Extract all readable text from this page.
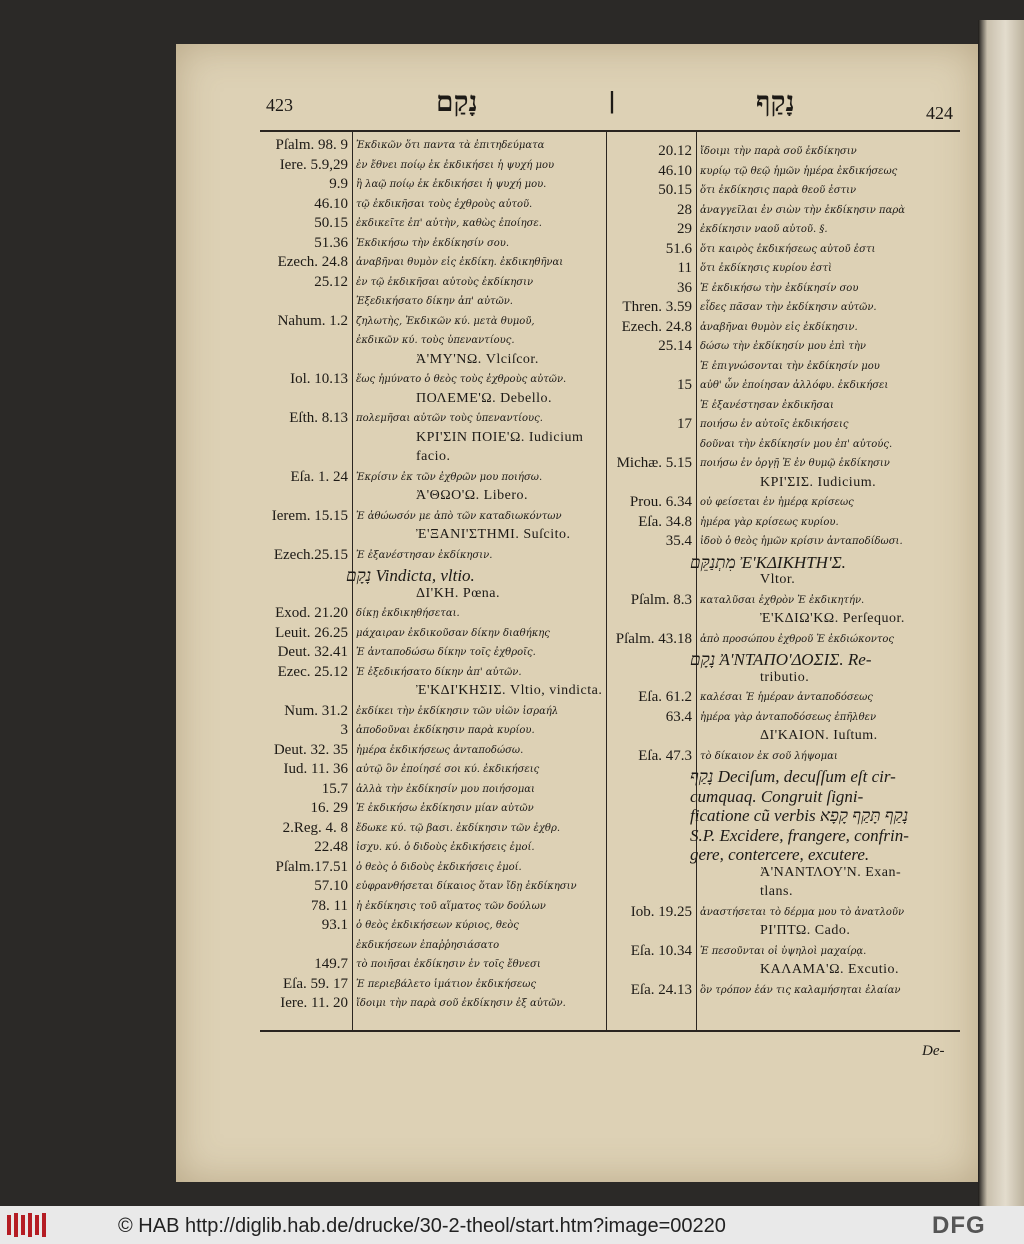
423	נָקַם	|	נָקַף	424
Pſalm. 98. 9 Ἐκδικῶν ὅτι παντα τὰ ἐπιτηδεύματα
Iere. 5.9,29 ἐν ἔθνει ποίῳ ἐκ ἐκδικήσει ἡ ψυχή μου
9.9 ἢ λαῷ ποίῳ ἐκ ἐκδικήσει ἡ ψυχή μου.
46.10 τῷ ἐκδικῆσαι τοὺς ἐχθροὺς αὐτοῦ.
50.15 ἐκδικεῖτε ἐπ' αὐτὴν, καθὼς ἐποίησε.
51.36 Ἐκδικήσω τὴν ἐκδίκησίν σου.
Ezech. 24.8 ἀναβῆναι θυμὸν εἰς ἐκδίκη. ἐκδικηθῆναι
25.12 ἐν τῷ ἐκδικῆσαι αὐτοὺς ἐκδίκησιν
Ἐξεδικήσατο δίκην ἀπ' αὐτῶν.
Nahum. 1.2 ζηλωτὴς, Ἐκδικῶν κύ. μετὰ θυμοῦ,
ἐκδικῶν κύ. τοὺς ὑπεναντίους.
Ἀ'ΜΥ'ΝΩ. Vlciſcor.
Iol. 10.13 ἕως ἠμύνατο ὁ θεὸς τοὺς ἐχθροὺς αὐτῶν.
ΠΟΛΕΜΕ'Ω. Debello.
Eſth. 8.13 πολεμῆσαι αὐτῶν τοὺς ὑπεναντίους.
ΚΡΙ'ΣΙΝ ΠΟΙΕ'Ω. Iudicium
facio.
Eſa. 1. 24 Ἐκρίσιν ἐκ τῶν ἐχθρῶν μου ποιήσω.
Ἀ'ΘΩΟ'Ω. Libero.
Ierem. 15.15 Ἐ ἀθώωσόν με ἀπὸ τῶν καταδιωκόντων
Ἐ'ΞΑΝΙ'ΣΤΗΜΙ. Suſcito.
Ezech.25.15 Ἐ ἐξανέστησαν ἐκδίκησιν.
נָקָם Vindicta, vltio.
ΔΙ'ΚΗ. Pœna.
Exod. 21.20 δίκῃ ἐκδικηθήσεται.
Leuit. 26.25 μάχαιραν ἐκδικοῦσαν δίκην διαθήκης
Deut. 32.41 Ἐ ἀνταποδώσω δίκην τοῖς ἐχθροῖς.
Ezec. 25.12 Ἐ ἐξεδικήσατο δίκην ἀπ' αὐτῶν.
Ἐ'ΚΔΙ'ΚΗΣΙΣ. Vltio, vindicta.
Num. 31.2 ἐκδίκει τὴν ἐκδίκησιν τῶν υἱῶν ἰσραήλ
3 ἀποδοῦναι ἐκδίκησιν παρὰ κυρίου.
Deut. 32. 35 ἡμέρα ἐκδικήσεως ἀνταποδώσω.
Iud. 11. 36 αὐτῷ ὃν ἐποίησέ σοι κύ. ἐκδικήσεις
15.7 ἀλλὰ τὴν ἐκδίκησίν μου ποιήσομαι
16. 29 Ἐ ἐκδικήσω ἐκδίκησιν μίαν αὐτῶν
2.Reg. 4. 8 ἔδωκε κύ. τῷ βασι. ἐκδίκησιν τῶν ἐχθρ.
22.48 ἰσχυ. κύ. ὁ διδοὺς ἐκδικήσεις ἐμοί.
Pſalm.17.51 ὁ θεὸς ὁ διδοὺς ἐκδικήσεις ἐμοί.
57.10 εὐφρανθήσεται δίκαιος ὅταν ἴδῃ ἐκδίκησιν
78. 11 ἡ ἐκδίκησις τοῦ αἵματος τῶν δούλων
93.1 ὁ θεὸς ἐκδικήσεων κύριος, θεὸς
ἐκδικήσεων ἐπαῤῥησιάσατο
149.7 τὸ ποιῆσαι ἐκδίκησιν ἐν τοῖς ἔθνεσι
Eſa. 59. 17 Ἐ περιεβάλετο ἱμάτιον ἐκδικήσεως
Iere. 11. 20 ἴδοιμι τὴν παρὰ σοῦ ἐκδίκησιν ἐξ αὐτῶν.
20.12 ἴδοιμι τὴν παρὰ σοῦ ἐκδίκησιν
46.10 κυρίῳ τῷ θεῷ ἡμῶν ἡμέρα ἐκδικήσεως
50.15 ὅτι ἐκδίκησις παρὰ θεοῦ ἐστιν
28 ἀναγγεῖλαι ἐν σιὼν τὴν ἐκδίκησιν παρὰ
29 ἐκδίκησιν ναοῦ αὐτοῦ. §.
51.6 ὅτι καιρὸς ἐκδικήσεως αὐτοῦ ἐστι
11 ὅτι ἐκδίκησις κυρίου ἐστὶ
36 Ἐ ἐκδικήσω τὴν ἐκδίκησίν σου
Thren. 3.59 εἶδες πᾶσαν τὴν ἐκδίκησιν αὐτῶν.
Ezech. 24.8 ἀναβῆναι θυμὸν εἰς ἐκδίκησιν.
25.14 δώσω τὴν ἐκδίκησίν μου ἐπὶ τὴν
Ἐ ἐπιγνώσονται τὴν ἐκδίκησίν μου
15 αὐθ' ὧν ἐποίησαν ἀλλόφυ. ἐκδικήσει
Ἐ ἐξανέστησαν ἐκδικῆσαι
17 ποιήσω ἐν αὐτοῖς ἐκδικήσεις
δοῦναι τὴν ἐκδίκησίν μου ἐπ' αὐτούς.
Michæ. 5.15 ποιήσω ἐν ὀργῇ Ἐ ἐν θυμῷ ἐκδίκησιν
ΚΡΙ'ΣΙΣ. Iudicium.
Prou. 6.34 οὐ φείσεται ἐν ἡμέρᾳ κρίσεως
Eſa. 34.8 ἡμέρα γὰρ κρίσεως κυρίου.
35.4 ἰδοὺ ὁ θεὸς ἡμῶν κρίσιν ἀνταποδίδωσι.
מִתְנַקֵּם Ἐ'ΚΔΙΚΗΤΗ'Σ.
Vltor.
Pſalm. 8.3 καταλῦσαι ἐχθρὸν Ἐ ἐκδικητήν.
Ἐ'ΚΔΙΩ'ΚΩ. Perſequor.
Pſalm. 43.18 ἀπὸ προσώπου ἐχθροῦ Ἐ ἐκδιώκοντος
נָקָם Ἀ'ΝΤΑΠΟ'ΔΟΣΙΣ. Re-
tributio.
Eſa. 61.2 καλέσαι Ἐ ἡμέραν ἀνταποδόσεως
63.4 ἡμέρα γὰρ ἀνταποδόσεως ἐπῆλθεν
ΔΙ'ΚΑΙΟΝ. Iuſtum.
Eſa. 47.3 τὸ δίκαιον ἐκ σοῦ λήψομαι
נָקַף Deciſum, decuſſum eſt cir-
cumquaq. Congruit ſigni-
ficatione cũ verbis נָקַף תָּקַף קָפָא
S.P. Excidere, frangere, confrin-
gere, contercere, excutere.
Ἀ'ΝΑΝΤΛΟΥ'Ν. Exan-
tlans.
Iob. 19.25 ἀναστήσεται τὸ δέρμα μου τὸ ἀνατλοῦν
ΡΙ'ΠΤΩ. Cado.
Eſa. 10.34 Ἐ πεσοῦνται οἱ ὑψηλοὶ μαχαίρᾳ.
ΚΑΛΑΜΑ'Ω. Excutio.
Eſa. 24.13 ὃν τρόπον ἐάν τις καλαμήσηται ἐλαίαν
De-
© HAB http://diglib.hab.de/drucke/30-2-theol/start.htm?image=00220	DFG
